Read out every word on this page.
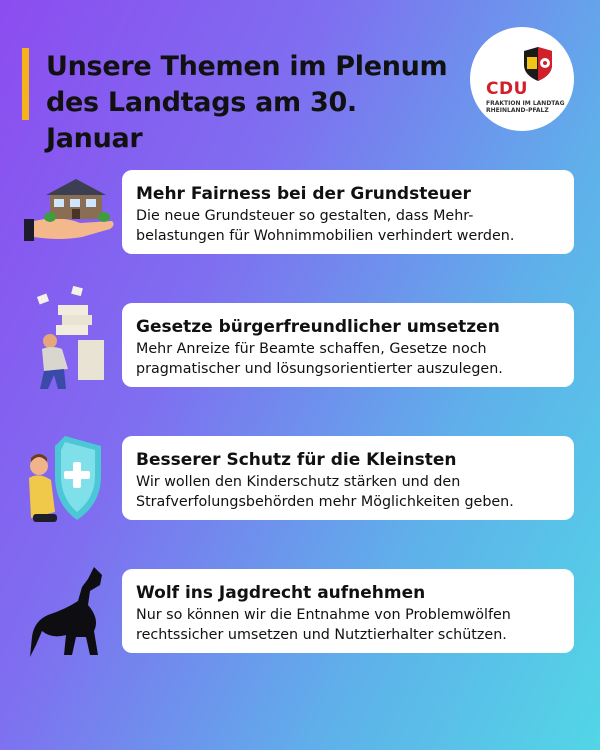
Unsere Themen im Plenum
des Landtags am 30. Januar
CDU
FRAKTION IM LANDTAG
RHEINLAND-PFALZ
Mehr Fairness bei der Grundsteuer
Die neue Grundsteuer so gestalten, dass Mehr-
belastungen für Wohnimmobilien verhindert werden.
Gesetze bürgerfreundlicher umsetzen
Mehr Anreize für Beamte schaffen, Gesetze noch
pragmatischer und lösungsorientierter auszulegen.
Besserer Schutz für die Kleinsten
Wir wollen den Kinderschutz stärken und den
Strafverfolungsbehörden mehr Möglichkeiten geben.
Wolf ins Jagdrecht aufnehmen
Nur so können wir die Entnahme von Problemwölfen
rechtssicher umsetzen und Nutztierhalter schützen.
